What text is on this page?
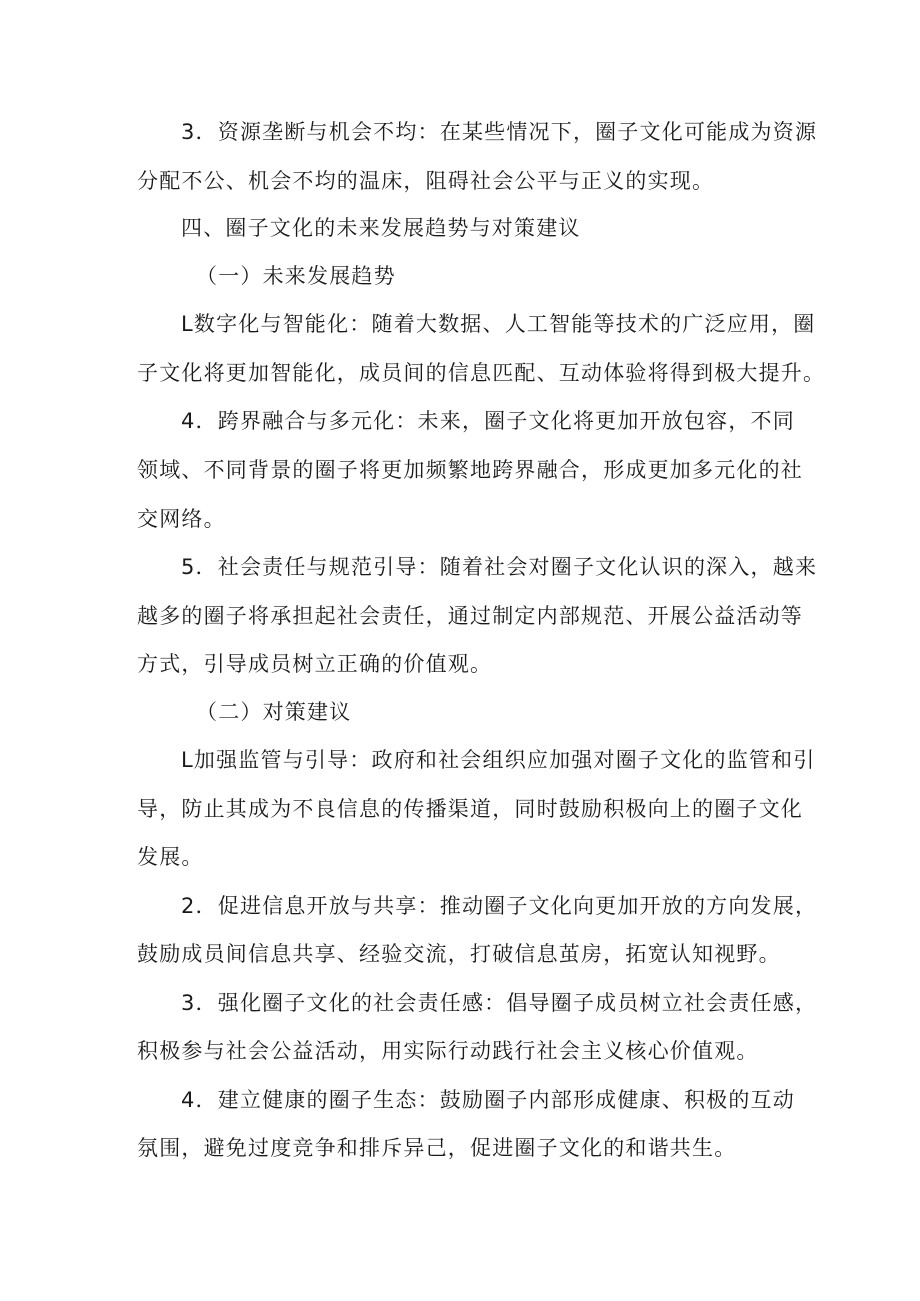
3．资源垄断与机会不均：在某些情况下，圈子文化可能成为资源
分配不公、机会不均的温床，阻碍社会公平与正义的实现。
四、圈子文化的未来发展趋势与对策建议
（一）未来发展趋势
L数字化与智能化：随着大数据、人工智能等技术的广泛应用，圈
子文化将更加智能化，成员间的信息匹配、互动体验将得到极大提升。
4．跨界融合与多元化：未来，圈子文化将更加开放包容，不同
领域、不同背景的圈子将更加频繁地跨界融合，形成更加多元化的社
交网络。
5．社会责任与规范引导：随着社会对圈子文化认识的深入，越来
越多的圈子将承担起社会责任，通过制定内部规范、开展公益活动等
方式，引导成员树立正确的价值观。
（二）对策建议
L加强监管与引导：政府和社会组织应加强对圈子文化的监管和引
导，防止其成为不良信息的传播渠道，同时鼓励积极向上的圈子文化
发展。
2．促进信息开放与共享：推动圈子文化向更加开放的方向发展，
鼓励成员间信息共享、经验交流，打破信息茧房，拓宽认知视野。
3．强化圈子文化的社会责任感：倡导圈子成员树立社会责任感，
积极参与社会公益活动，用实际行动践行社会主义核心价值观。
4．建立健康的圈子生态：鼓励圈子内部形成健康、积极的互动
氛围，避免过度竞争和排斥异己，促进圈子文化的和谐共生。
